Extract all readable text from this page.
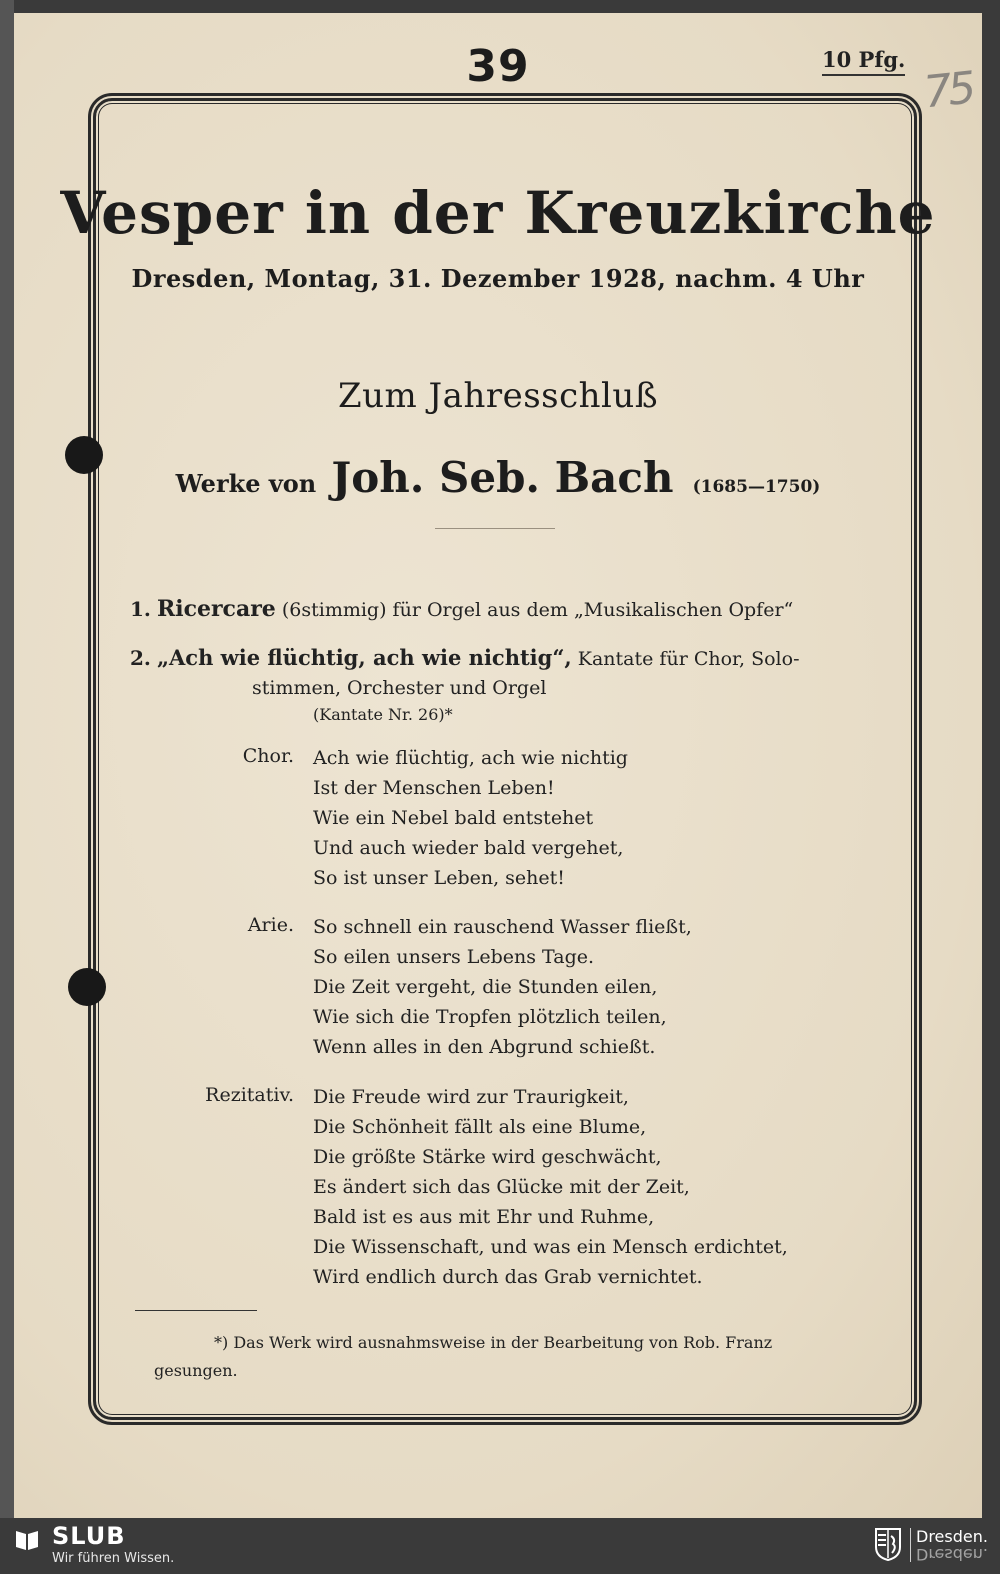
39	10 Pfg.
75
Vesper in der Kreuzkirche
Dresden, Montag, 31. Dezember 1928, nachm. 4 Uhr
Zum Jahresschluß
Werke von Joh. Seb. Bach (1685—1750)
1. Ricercare (6stimmig) für Orgel aus dem „Musikalischen Opfer“
2. „Ach wie flüchtig, ach wie nichtig“, Kantate für Chor, Solo-
stimmen, Orchester und Orgel
(Kantate Nr. 26)*
Chor. Ach wie flüchtig, ach wie nichtig
Ist der Menschen Leben!
Wie ein Nebel bald entstehet
Und auch wieder bald vergehet,
So ist unser Leben, sehet!
Arie. So schnell ein rauschend Wasser fließt,
So eilen unsers Lebens Tage.
Die Zeit vergeht, die Stunden eilen,
Wie sich die Tropfen plötzlich teilen,
Wenn alles in den Abgrund schießt.
Rezitativ. Die Freude wird zur Traurigkeit,
Die Schönheit fällt als eine Blume,
Die größte Stärke wird geschwächt,
Es ändert sich das Glücke mit der Zeit,
Bald ist es aus mit Ehr und Ruhme,
Die Wissenschaft, und was ein Mensch erdichtet,
Wird endlich durch das Grab vernichtet.
*) Das Werk wird ausnahmsweise in der Bearbeitung von Rob. Franz gesungen.
SLUB
Wir führen Wissen.
Dresden.
Dresden.
